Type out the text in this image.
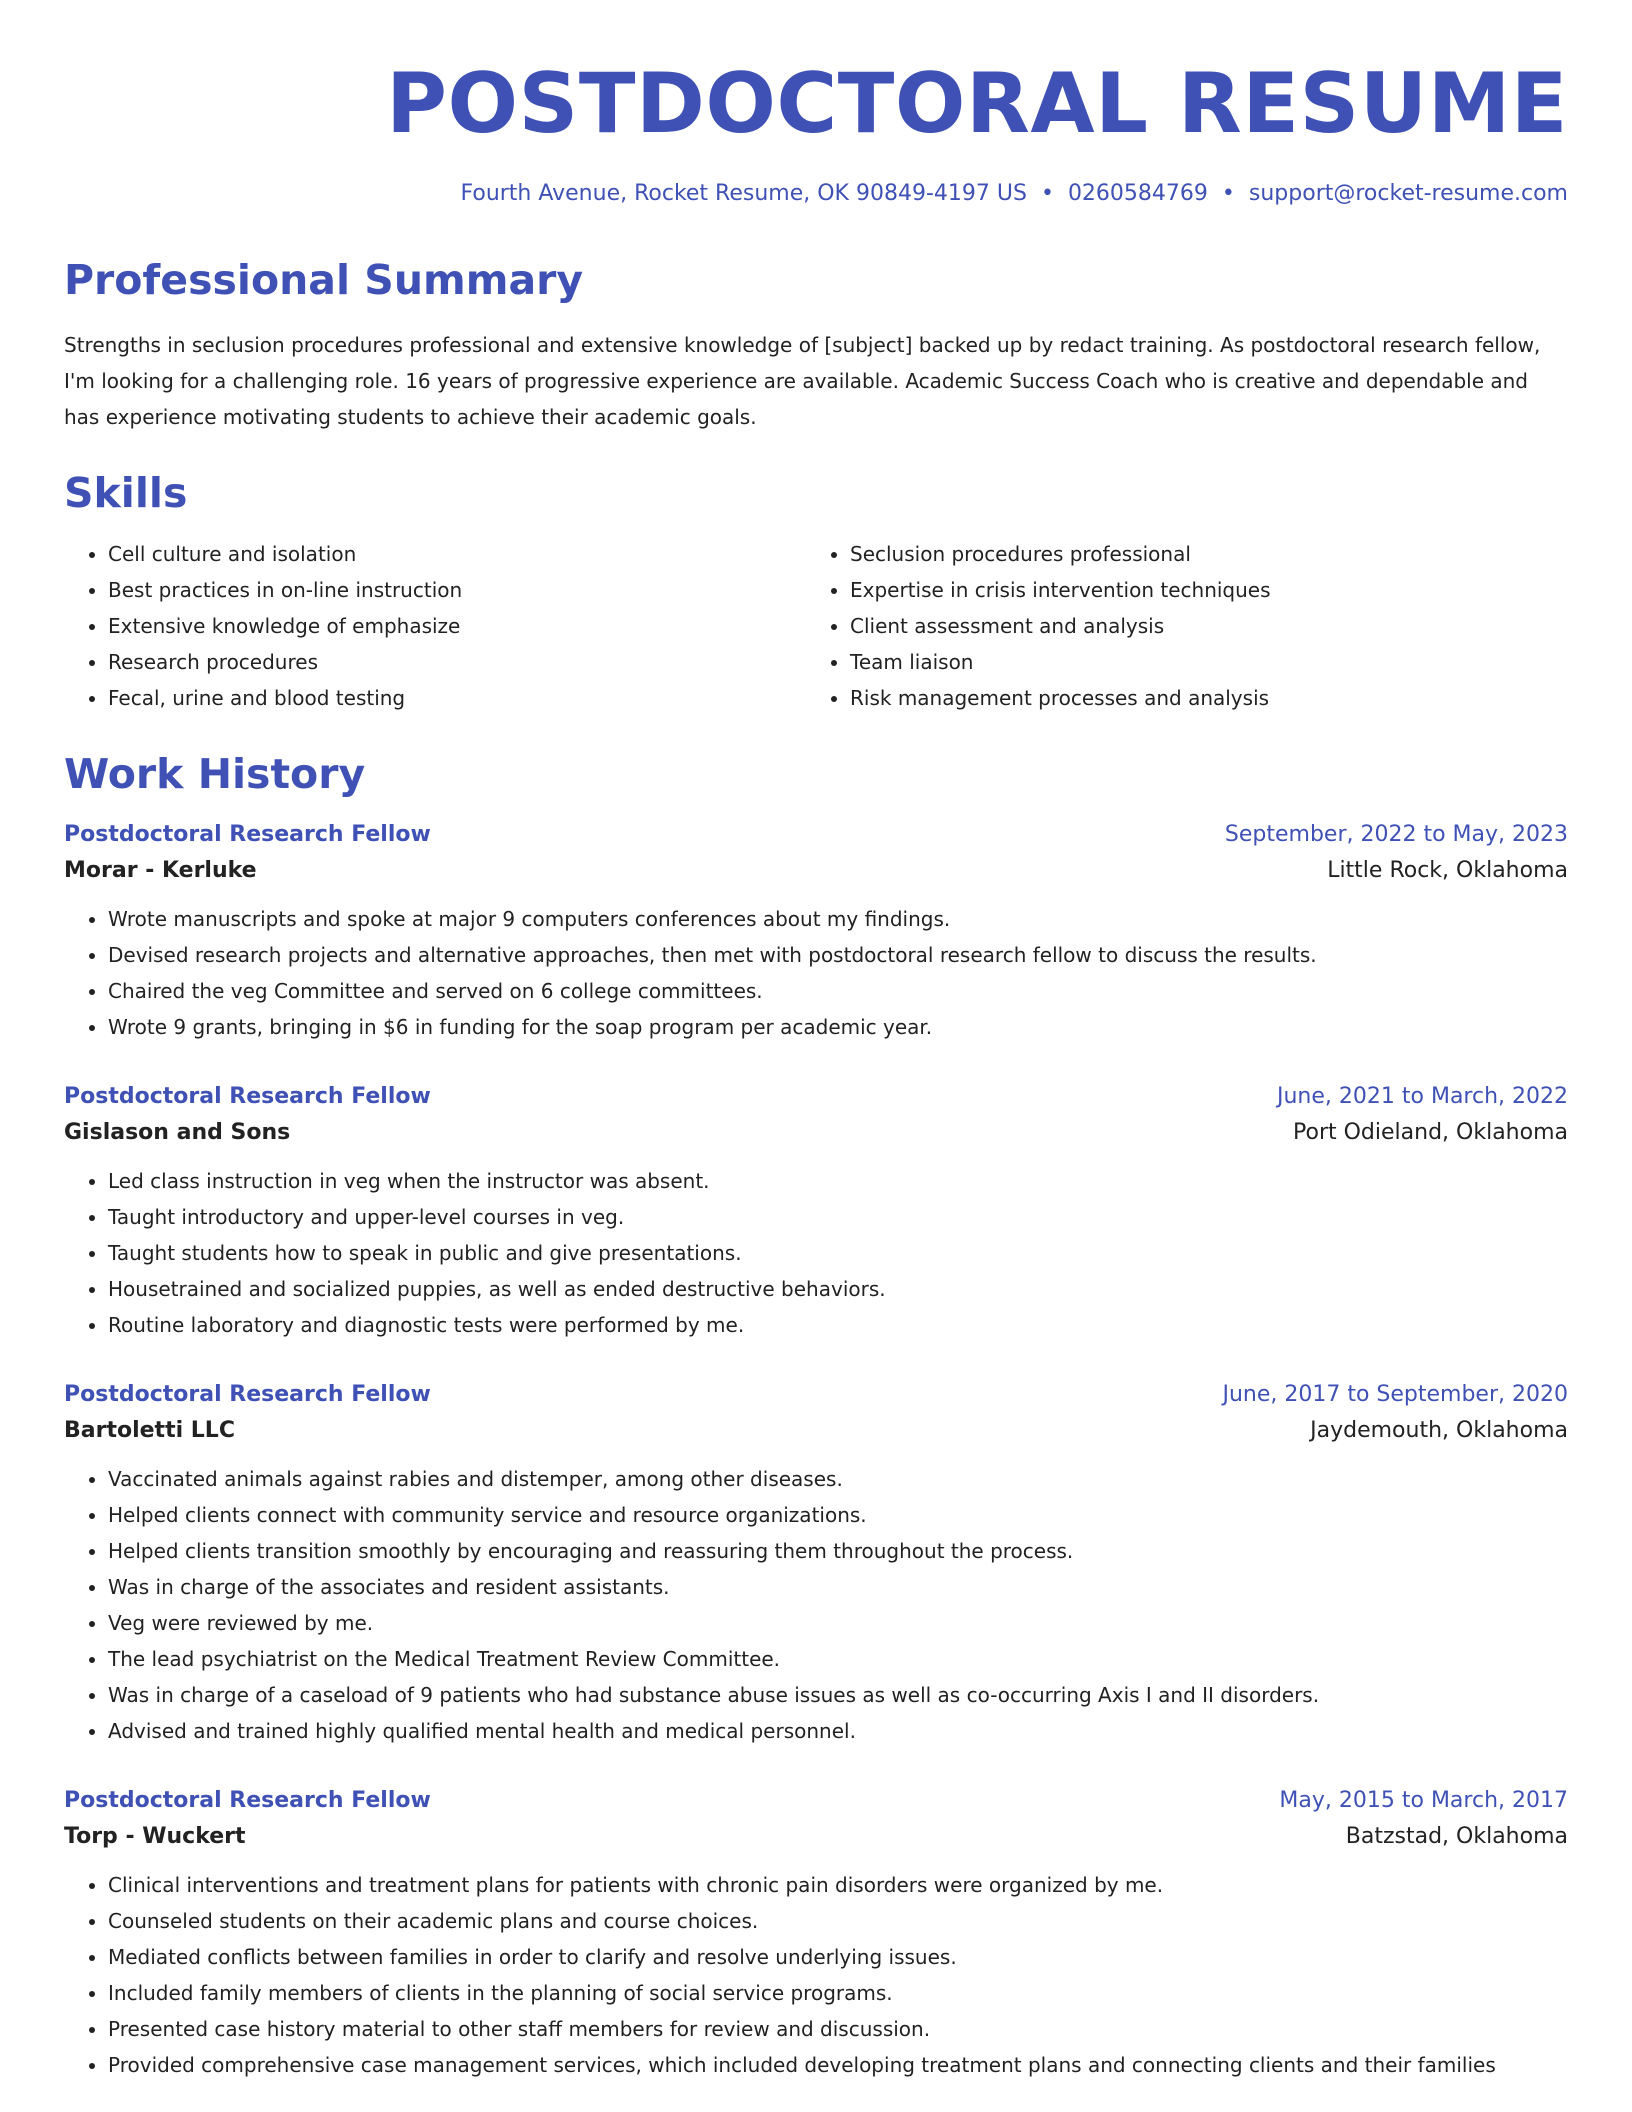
POSTDOCTORAL RESUME
Fourth Avenue, Rocket Resume, OK 90849-4197 US • 0260584769 • support@rocket-resume.com
Professional Summary

Strengths in seclusion procedures professional and extensive knowledge of [subject] backed up by redact training. As postdoctoral research fellow, I'm looking for a challenging role. 16 years of progressive experience are available. Academic Success Coach who is creative and dependable and has experience motivating students to achieve their academic goals.

Skills
• Cell culture and isolation
• Best practices in on-line instruction
• Extensive knowledge of emphasize
• Research procedures
• Fecal, urine and blood testing
• Seclusion procedures professional
• Expertise in crisis intervention techniques
• Client assessment and analysis
• Team liaison
• Risk management processes and analysis
Work History
Postdoctoral Research Fellow	September, 2022 to May, 2023
Morar - Kerluke	Little Rock, Oklahoma
• Wrote manuscripts and spoke at major 9 computers conferences about my findings.
• Devised research projects and alternative approaches, then met with postdoctoral research fellow to discuss the results.
• Chaired the veg Committee and served on 6 college committees.
• Wrote 9 grants, bringing in $6 in funding for the soap program per academic year.
Postdoctoral Research Fellow	June, 2021 to March, 2022
Gislason and Sons	Port Odieland, Oklahoma
• Led class instruction in veg when the instructor was absent.
• Taught introductory and upper-level courses in veg.
• Taught students how to speak in public and give presentations.
• Housetrained and socialized puppies, as well as ended destructive behaviors.
• Routine laboratory and diagnostic tests were performed by me.
Postdoctoral Research Fellow	June, 2017 to September, 2020
Bartoletti LLC	Jaydemouth, Oklahoma
• Vaccinated animals against rabies and distemper, among other diseases.
• Helped clients connect with community service and resource organizations.
• Helped clients transition smoothly by encouraging and reassuring them throughout the process.
• Was in charge of the associates and resident assistants.
• Veg were reviewed by me.
• The lead psychiatrist on the Medical Treatment Review Committee.
• Was in charge of a caseload of 9 patients who had substance abuse issues as well as co-occurring Axis I and II disorders.
• Advised and trained highly qualified mental health and medical personnel.
Postdoctoral Research Fellow	May, 2015 to March, 2017
Torp - Wuckert	Batzstad, Oklahoma
• Clinical interventions and treatment plans for patients with chronic pain disorders were organized by me.
• Counseled students on their academic plans and course choices.
• Mediated conflicts between families in order to clarify and resolve underlying issues.
• Included family members of clients in the planning of social service programs.
• Presented case history material to other staff members for review and discussion.
• Provided comprehensive case management services, which included developing treatment plans and connecting clients and their families
